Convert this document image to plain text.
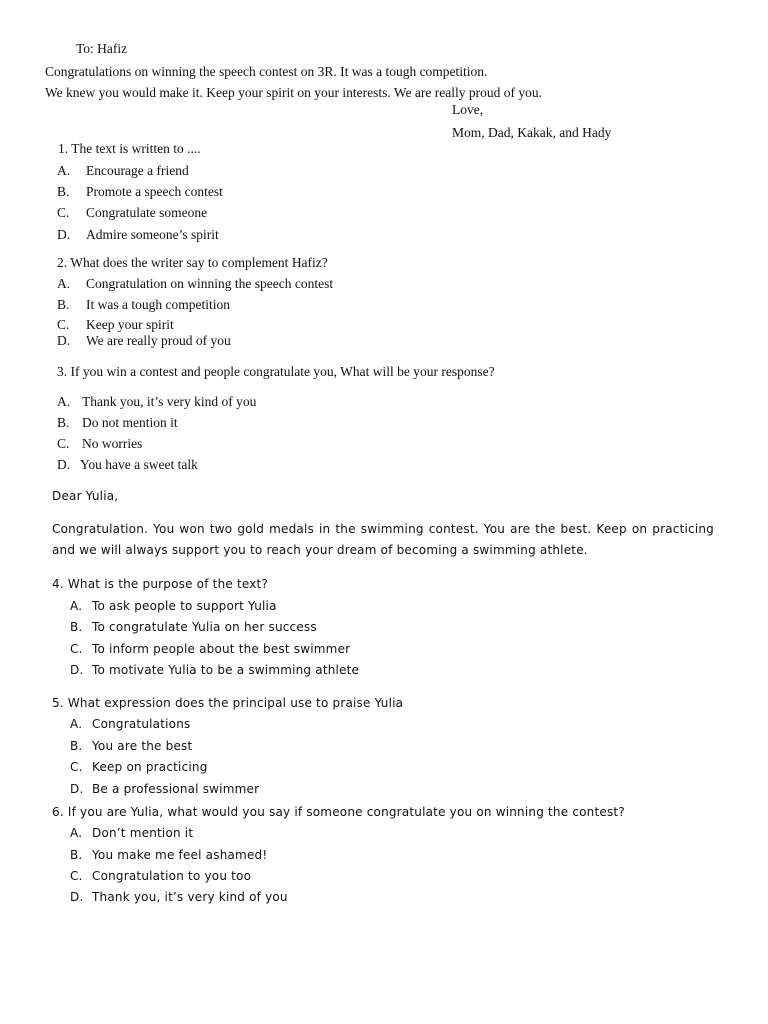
To: Hafiz
Congratulations on winning the speech contest on 3R. It was a tough competition.
We knew you would make it. Keep your spirit on your interests. We are really proud of you.
Love,
Mom, Dad, Kakak, and Hady
1. The text is written to ....
A. Encourage a friend
B. Promote a speech contest
C. Congratulate someone
D. Admire someone’s spirit
2. What does the writer say to complement Hafiz?
A. Congratulation on winning the speech contest
B. It was a tough competition
C. Keep your spirit
D. We are really proud of you
3. If you win a contest and people congratulate you, What will be your response?
A. Thank you, it’s very kind of you
B. Do not mention it
C. No worries
D. You have a sweet talk
Dear Yulia,
Congratulation. You won two gold medals in the swimming contest. You are the best. Keep on practicing and we will always support you to reach your dream of becoming a swimming athlete.
4. What is the purpose of the text?
A. To ask people to support Yulia
B. To congratulate Yulia on her success
C. To inform people about the best swimmer
D. To motivate Yulia to be a swimming athlete
5. What expression does the principal use to praise Yulia
A. Congratulations
B. You are the best
C. Keep on practicing
D. Be a professional swimmer
6. If you are Yulia, what would you say if someone congratulate you on winning the contest?
A. Don’t mention it
B. You make me feel ashamed!
C. Congratulation to you too
D. Thank you, it’s very kind of you
